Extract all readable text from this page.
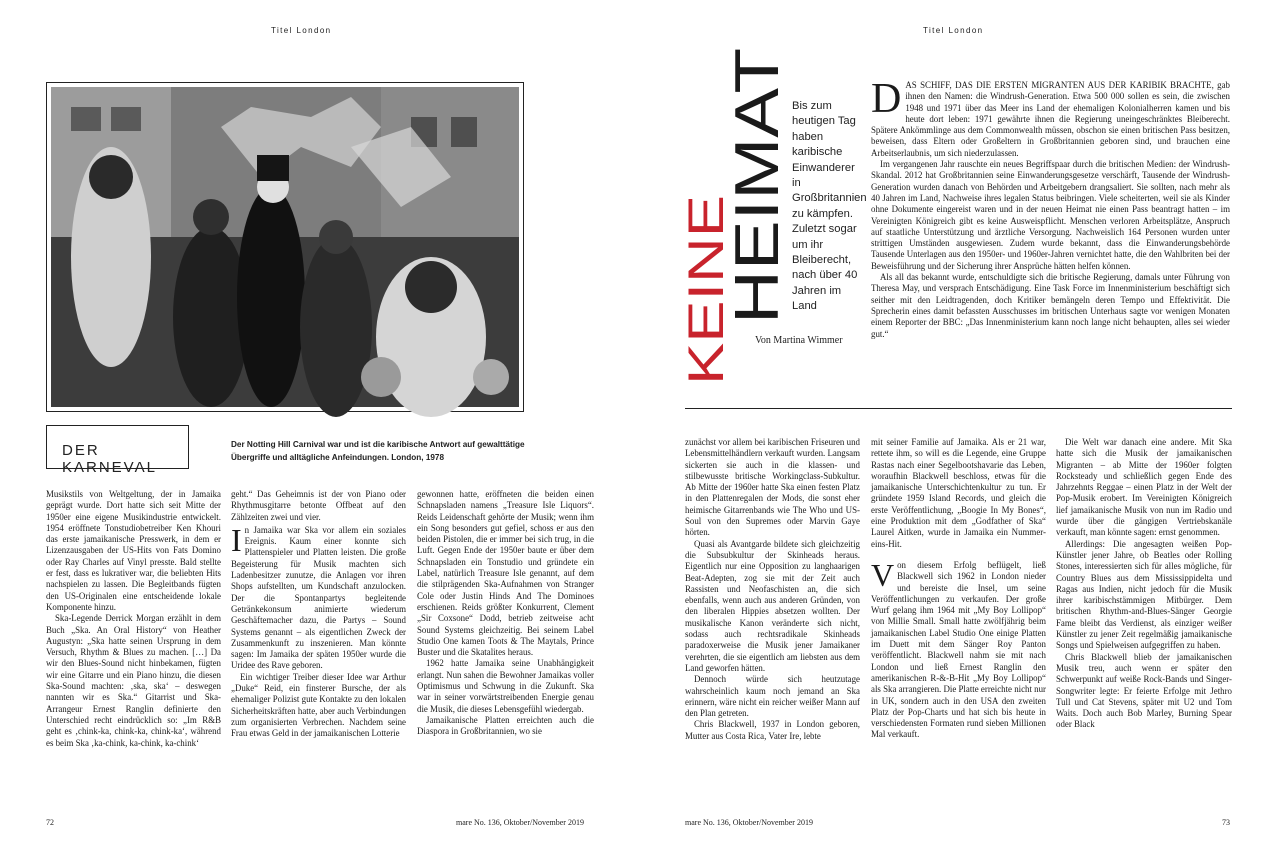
Titel London	Titel London
DER KARNEVAL
Der Notting Hill Carnival war und ist die karibische Antwort auf gewalttätige Übergriffe und alltägliche Anfeindungen. London, 1978

Musikstils von Weltgeltung, der in Jamaika geprägt wurde. Dort hatte sich seit Mitte der 1950er eine eigene Musikindustrie entwickelt. 1954 eröffnete Tonstudiobetreiber Ken Khouri das erste jamaikanische Presswerk, in dem er Lizenzausgaben der US-Hits von Fats Domino oder Ray Charles auf Vinyl presste. Bald stellte er fest, dass es lukrativer war, die beliebten Hits nachspielen zu lassen. Die Begleitbands fügten den US-Originalen eine entscheidende lokale Komponente hinzu.

Ska-Legende Derrick Morgan erzählt in dem Buch „Ska. An Oral History“ von Heather Augustyn: „Ska hatte seinen Ursprung in dem Versuch, Rhythm & Blues zu machen. […] Da wir den Blues-Sound nicht hinbekamen, fügten wir eine Gitarre und ein Piano hinzu, die diesen Ska-Sound machten: ‚ska, ska‘ – deswegen nannten wir es Ska.“ Gitarrist und Ska-Arrangeur Ernest Ranglin definierte den Unterschied recht eindrücklich so: „Im R&B geht es ‚chink-ka, chink-ka, chink-ka‘, während es beim Ska ‚ka-chink, ka-chink, ka-chink‘

geht.“ Das Geheimnis ist der von Piano oder Rhythmusgitarre betonte Offbeat auf den Zählzeiten zwei und vier.

In Jamaika war Ska vor allem ein soziales Ereignis. Kaum einer konnte sich Plattenspieler und Platten leisten. Die große Begeisterung für Musik machten sich Ladenbesitzer zunutze, die Anlagen vor ihren Shops aufstellten, um Kundschaft anzulocken. Der die Spontanpartys begleitende Getränkekonsum animierte wiederum Geschäftemacher dazu, die Partys – Sound Systems genannt – als eigentlichen Zweck der Zusammenkunft zu inszenieren. Man könnte sagen: Im Jamaika der späten 1950er wurde die Uridee des Rave geboren.

Ein wichtiger Treiber dieser Idee war Arthur „Duke“ Reid, ein finsterer Bursche, der als ehemaliger Polizist gute Kontakte zu den lokalen Sicherheitskräften hatte, aber auch Verbindungen zum organisierten Verbrechen. Nachdem seine Frau etwas Geld in der jamaikanischen Lotterie

gewonnen hatte, eröffneten die beiden einen Schnapsladen namens „Treasure Isle Liquors“. Reids Leidenschaft gehörte der Musik; wenn ihm ein Song besonders gut gefiel, schoss er aus den beiden Pistolen, die er immer bei sich trug, in die Luft. Gegen Ende der 1950er baute er über dem Schnapsladen ein Tonstudio und gründete ein Label, natürlich Treasure Isle genannt, auf dem die stilprägenden Ska-Aufnahmen von Stranger Cole oder Justin Hinds And The Dominoes erschienen. Reids größter Konkurrent, Clement „Sir Coxsone“ Dodd, betrieb zeitweise acht Sound Systems gleichzeitig. Bei seinem Label Studio One kamen Toots & The Maytals, Prince Buster und die Skatalites heraus.

1962 hatte Jamaika seine Unabhängigkeit erlangt. Nun sahen die Bewohner Jamaikas voller Optimismus und Schwung in die Zukunft. Ska war in seiner vorwärtstreibenden Energie genau die Musik, die dieses Lebensgefühl wiedergab.

Jamaikanische Platten erreichten auch die Diaspora in Großbritannien, wo sie

72	mare No. 136, Oktober/November 2019
KEINE
HEIMAT Bis zum heutigen Tag haben karibische Einwanderer in Großbritannien zu kämpfen. Zuletzt sogar um ihr Bleiberecht, nach über 40 Jahren im Land
Von Martina Wimmer

DAS SCHIFF, DAS DIE ERSTEN MIGRANTEN AUS DER KARIBIK BRACHTE, gab ihnen den Namen: die Windrush-Generation. Etwa 500 000 sollen es sein, die zwischen 1948 und 1971 über das Meer ins Land der ehemaligen Kolonialherren kamen und bis heute dort leben: 1971 gewährte ihnen die Regierung uneingeschränktes Bleiberecht. Spätere Ankömmlinge aus dem Commonwealth müssen, obschon sie einen britischen Pass besitzen, beweisen, dass Eltern oder Großeltern in Großbritannien geboren sind, und brauchen eine Arbeitserlaubnis, um sich niederzulassen.

Im vergangenen Jahr rauschte ein neues Begriffspaar durch die britischen Medien: der Windrush-Skandal. 2012 hat Großbritannien seine Einwanderungsgesetze verschärft, Tausende der Windrush-Generation wurden danach von Behörden und Arbeitgebern drangsaliert. Sie sollten, nach mehr als 40 Jahren im Land, Nachweise ihres legalen Status beibringen. Viele scheiterten, weil sie als Kinder ohne Dokumente eingereist waren und in der neuen Heimat nie einen Pass beantragt hatten – im Vereinigten Königreich gibt es keine Ausweispflicht. Menschen verloren Arbeitsplätze, Anspruch auf staatliche Unterstützung und ärztliche Versorgung. Nachweislich 164 Personen wurden unter strittigen Umständen ausgewiesen. Zudem wurde bekannt, dass die Einwanderungsbehörde Tausende Unterlagen aus den 1950er- und 1960er-Jahren vernichtet hatte, die den Wahlbriten bei der Beweisführung und der Sicherung ihrer Ansprüche hätten helfen können.

Als all das bekannt wurde, entschuldigte sich die britische Regierung, damals unter Führung von Theresa May, und versprach Entschädigung. Eine Task Force im Innenministerium beschäftigt sich seither mit den Leidtragenden, doch Kritiker bemängeln deren Tempo und Effektivität. Die Sprecherin eines damit befassten Ausschusses im britischen Unterhaus sagte vor wenigen Monaten einem Reporter der BBC: „Das Innenministerium kann noch lange nicht behaupten, alles sei wieder gut.“

zunächst vor allem bei karibischen Friseuren und Lebensmittelhändlern verkauft wurden. Langsam sickerten sie auch in die klassen- und stilbewusste britische Workingclass-Subkultur. Ab Mitte der 1960er hatte Ska einen festen Platz in den Plattenregalen der Mods, die sonst eher heimische Gitarrenbands wie The Who und US-Soul von den Supremes oder Marvin Gaye hörten.

Quasi als Avantgarde bildete sich gleichzeitig die Subsubkultur der Skinheads heraus. Eigentlich nur eine Opposition zu langhaarigen Beat-Adepten, zog sie mit der Zeit auch Rassisten und Neofaschisten an, die sich ebenfalls, wenn auch aus anderen Gründen, von den liberalen Hippies absetzen wollten. Der musikalische Kanon veränderte sich nicht, sodass auch rechtsradikale Skinheads paradoxerweise die Musik jener Jamaikaner verehrten, die sie eigentlich am liebsten aus dem Land geworfen hätten.

Dennoch würde sich heutzutage wahrscheinlich kaum noch jemand an Ska erinnern, wäre nicht ein reicher weißer Mann auf den Plan getreten.

Chris Blackwell, 1937 in London geboren, Mutter aus Costa Rica, Vater Ire, lebte

mit seiner Familie auf Jamaika. Als er 21 war, rettete ihm, so will es die Legende, eine Gruppe Rastas nach einer Segelbootshavarie das Leben, woraufhin Blackwell beschloss, etwas für die jamaikanische Unterschichtenkultur zu tun. Er gründete 1959 Island Records, und gleich die erste Veröffentlichung, „Boogie In My Bones“, eine Produktion mit dem „Godfather of Ska“ Laurel Aitken, wurde in Jamaika ein Nummer-eins-Hit.

Von diesem Erfolg beflügelt, ließ Blackwell sich 1962 in London nieder und bereiste die Insel, um seine Veröffentlichungen zu verkaufen. Der große Wurf gelang ihm 1964 mit „My Boy Lollipop“ von Millie Small. Small hatte zwölfjährig beim jamaikanischen Label Studio One einige Platten im Duett mit dem Sänger Roy Panton veröffentlicht. Blackwell nahm sie mit nach London und ließ Ernest Ranglin den amerikanischen R-&-B-Hit „My Boy Lollipop“ als Ska arrangieren. Die Platte erreichte nicht nur in UK, sondern auch in den USA den zweiten Platz der Pop-Charts und hat sich bis heute in verschiedensten Formaten rund sieben Millionen Mal verkauft.

Die Welt war danach eine andere. Mit Ska hatte sich die Musik der jamaikanischen Migranten – ab Mitte der 1960er folgten Rocksteady und schließlich gegen Ende des Jahrzehnts Reggae – einen Platz in der Welt der Pop-Musik erobert. Im Vereinigten Königreich lief jamaikanische Musik von nun im Radio und wurde über die gängigen Vertriebskanäle verkauft, man könnte sagen: ernst genommen.

Allerdings: Die angesagten weißen Pop-Künstler jener Jahre, ob Beatles oder Rolling Stones, interessierten sich für alles mögliche, für Country Blues aus dem Mississippidelta und Ragas aus Indien, nicht jedoch für die Musik ihrer karibischstämmigen Mitbürger. Dem britischen Rhythm-and-Blues-Sänger Georgie Fame bleibt das Verdienst, als einziger weißer Künstler zu jener Zeit regelmäßig jamaikanische Songs und Spielweisen aufgegriffen zu haben.

Chris Blackwell blieb der jamaikanischen Musik treu, auch wenn er später den Schwerpunkt auf weiße Rock-Bands und Singer-Songwriter legte: Er feierte Erfolge mit Jethro Tull und Cat Stevens, später mit U2 und Tom Waits. Doch auch Bob Marley, Burning Spear oder Black

mare No. 136, Oktober/November 2019	73
